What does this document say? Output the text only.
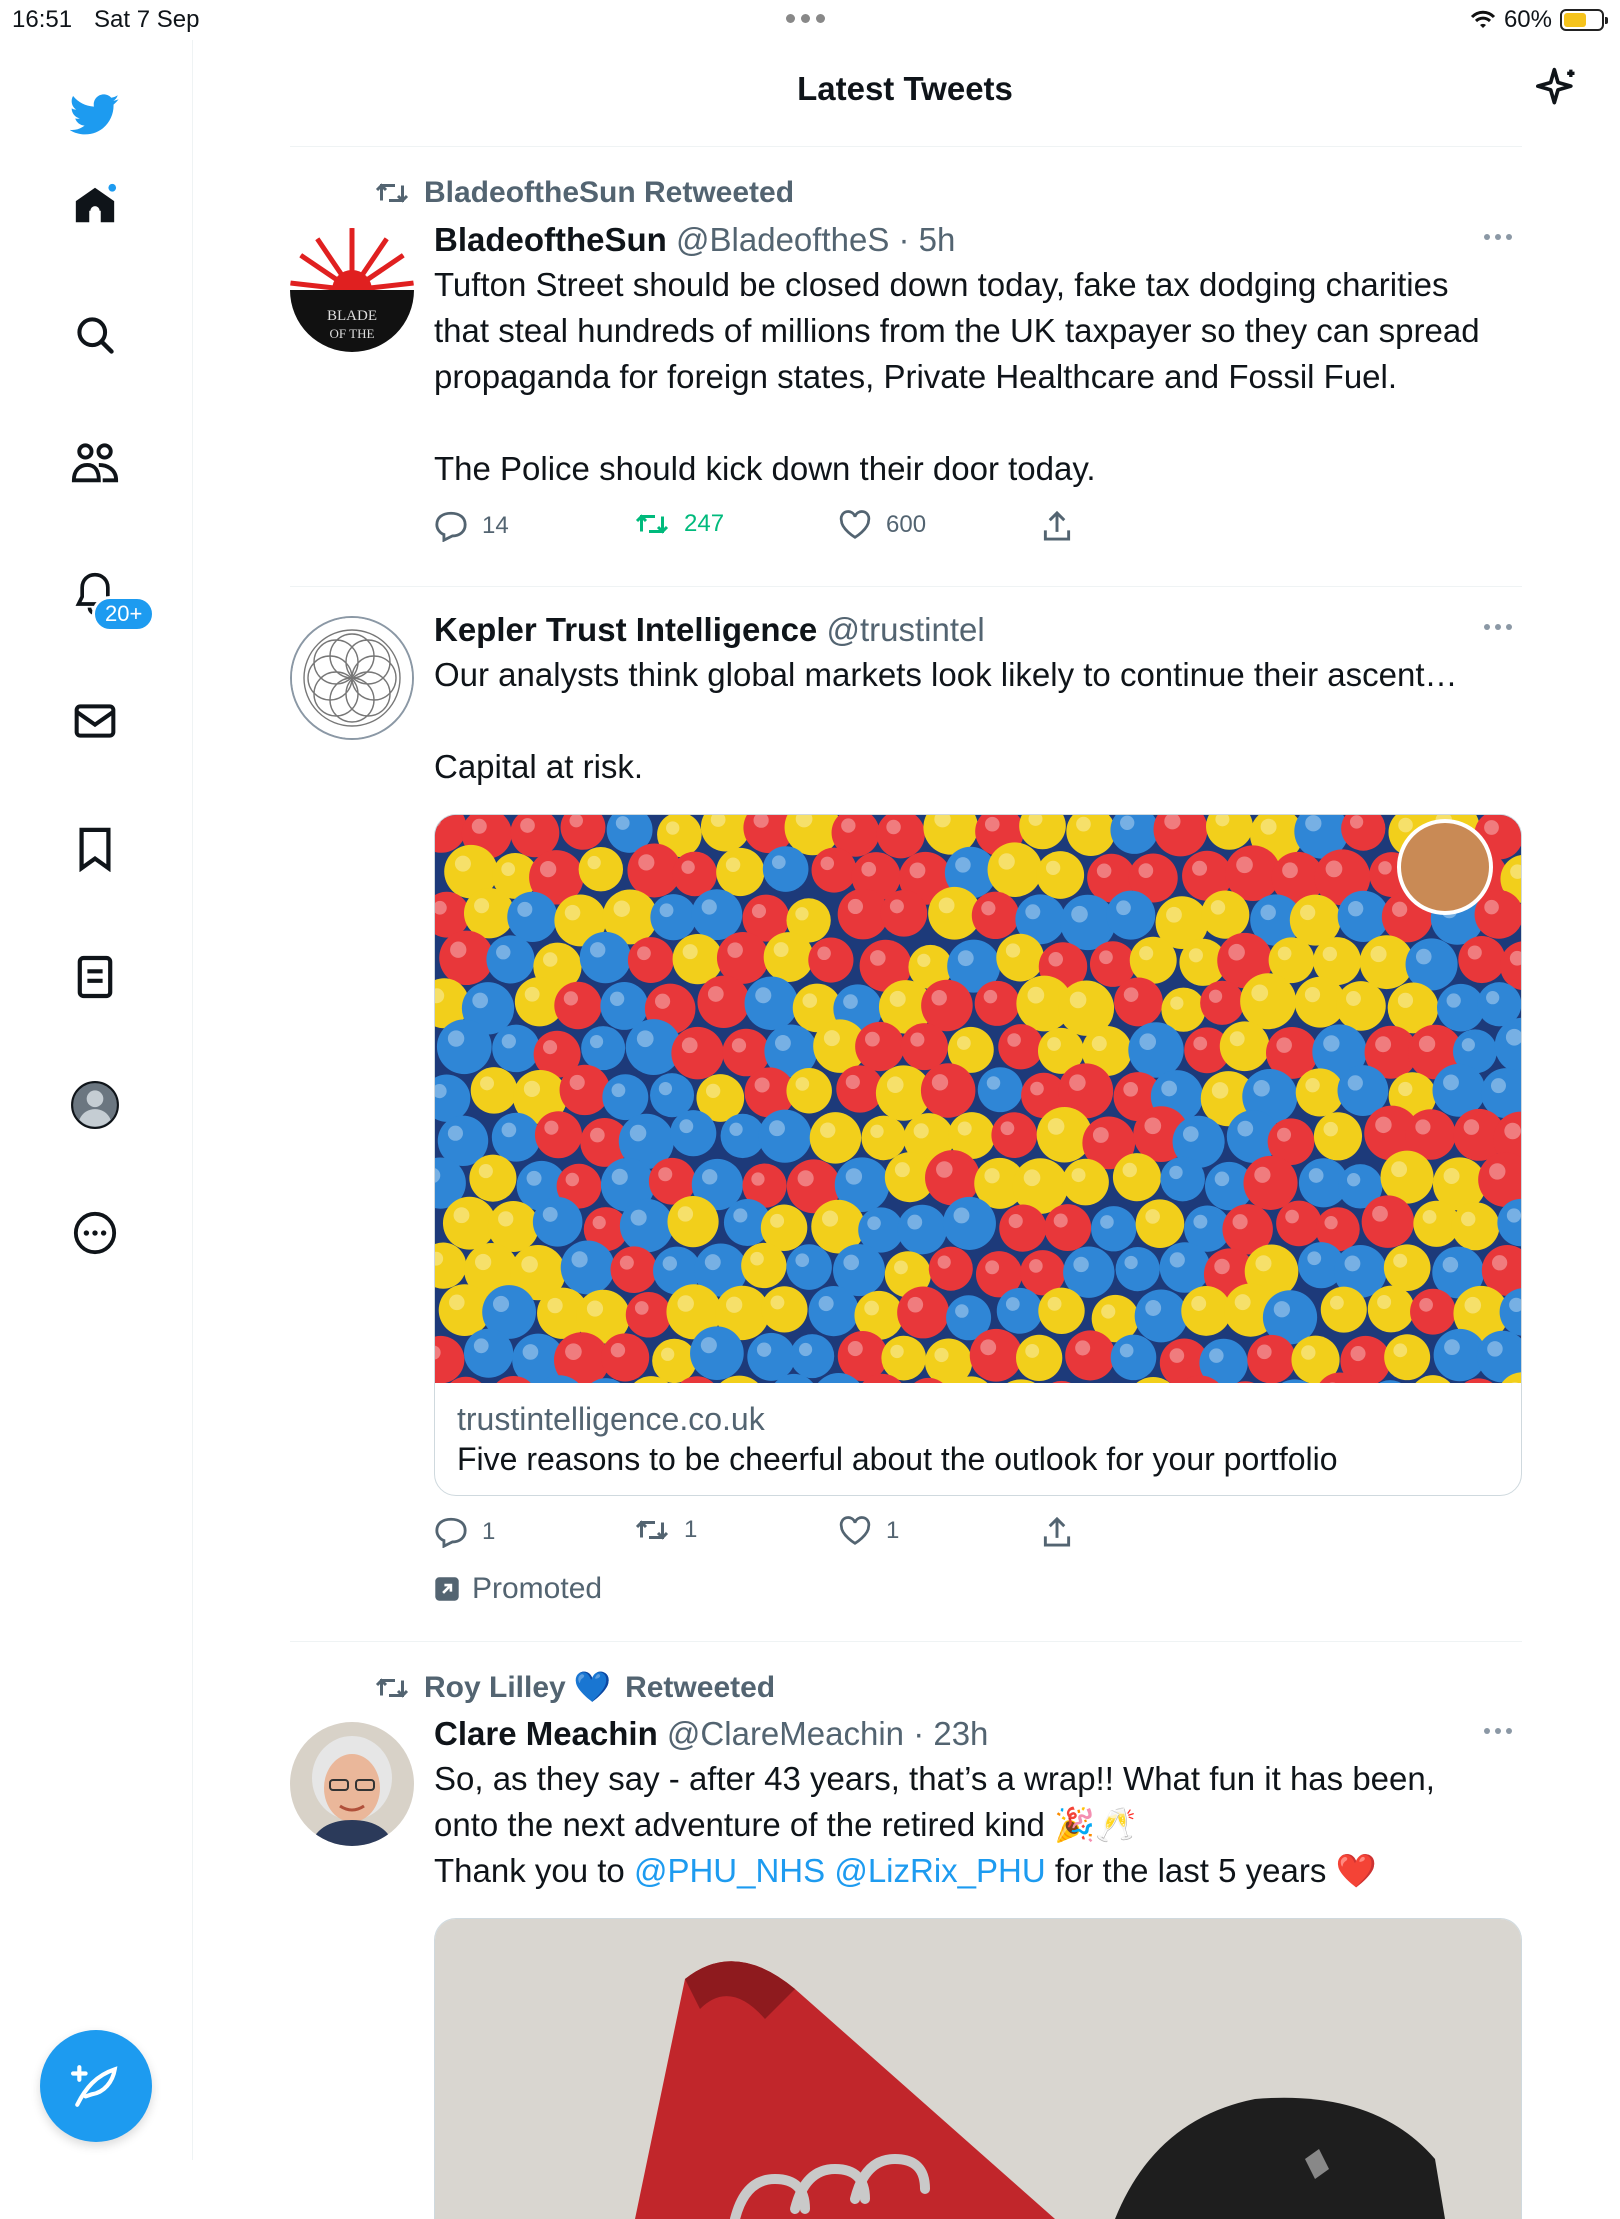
16:51 Sat 7 Sep	60%
20+
Latest Tweets
BladeoftheSun Retweeted
BLADE
OF THE
BladeoftheSun @BladeoftheS · 5h

Tufton Street should be closed down today, fake tax dodging charities

that steal hundreds of millions from the UK taxpayer so they can spread

propaganda for foreign states, Private Healthcare and Fossil Fuel.

The Police should kick down their door today.

14	247	600
Kepler Trust Intelligence @trustintel

Our analysts think global markets look likely to continue their ascent…

Capital at risk.

trustintelligence.co.uk
Five reasons to be cheerful about the outlook for your portfolio
1	1	1
Promoted
Roy Lilley 💙 Retweeted
Clare Meachin @ClareMeachin · 23h

So, as they say - after 43 years, that’s a wrap!! What fun it has been,

onto the next adventure of the retired kind 🎉🥂

Thank you to @PHU_NHS @LizRix_PHU for the last 5 years ❤️
